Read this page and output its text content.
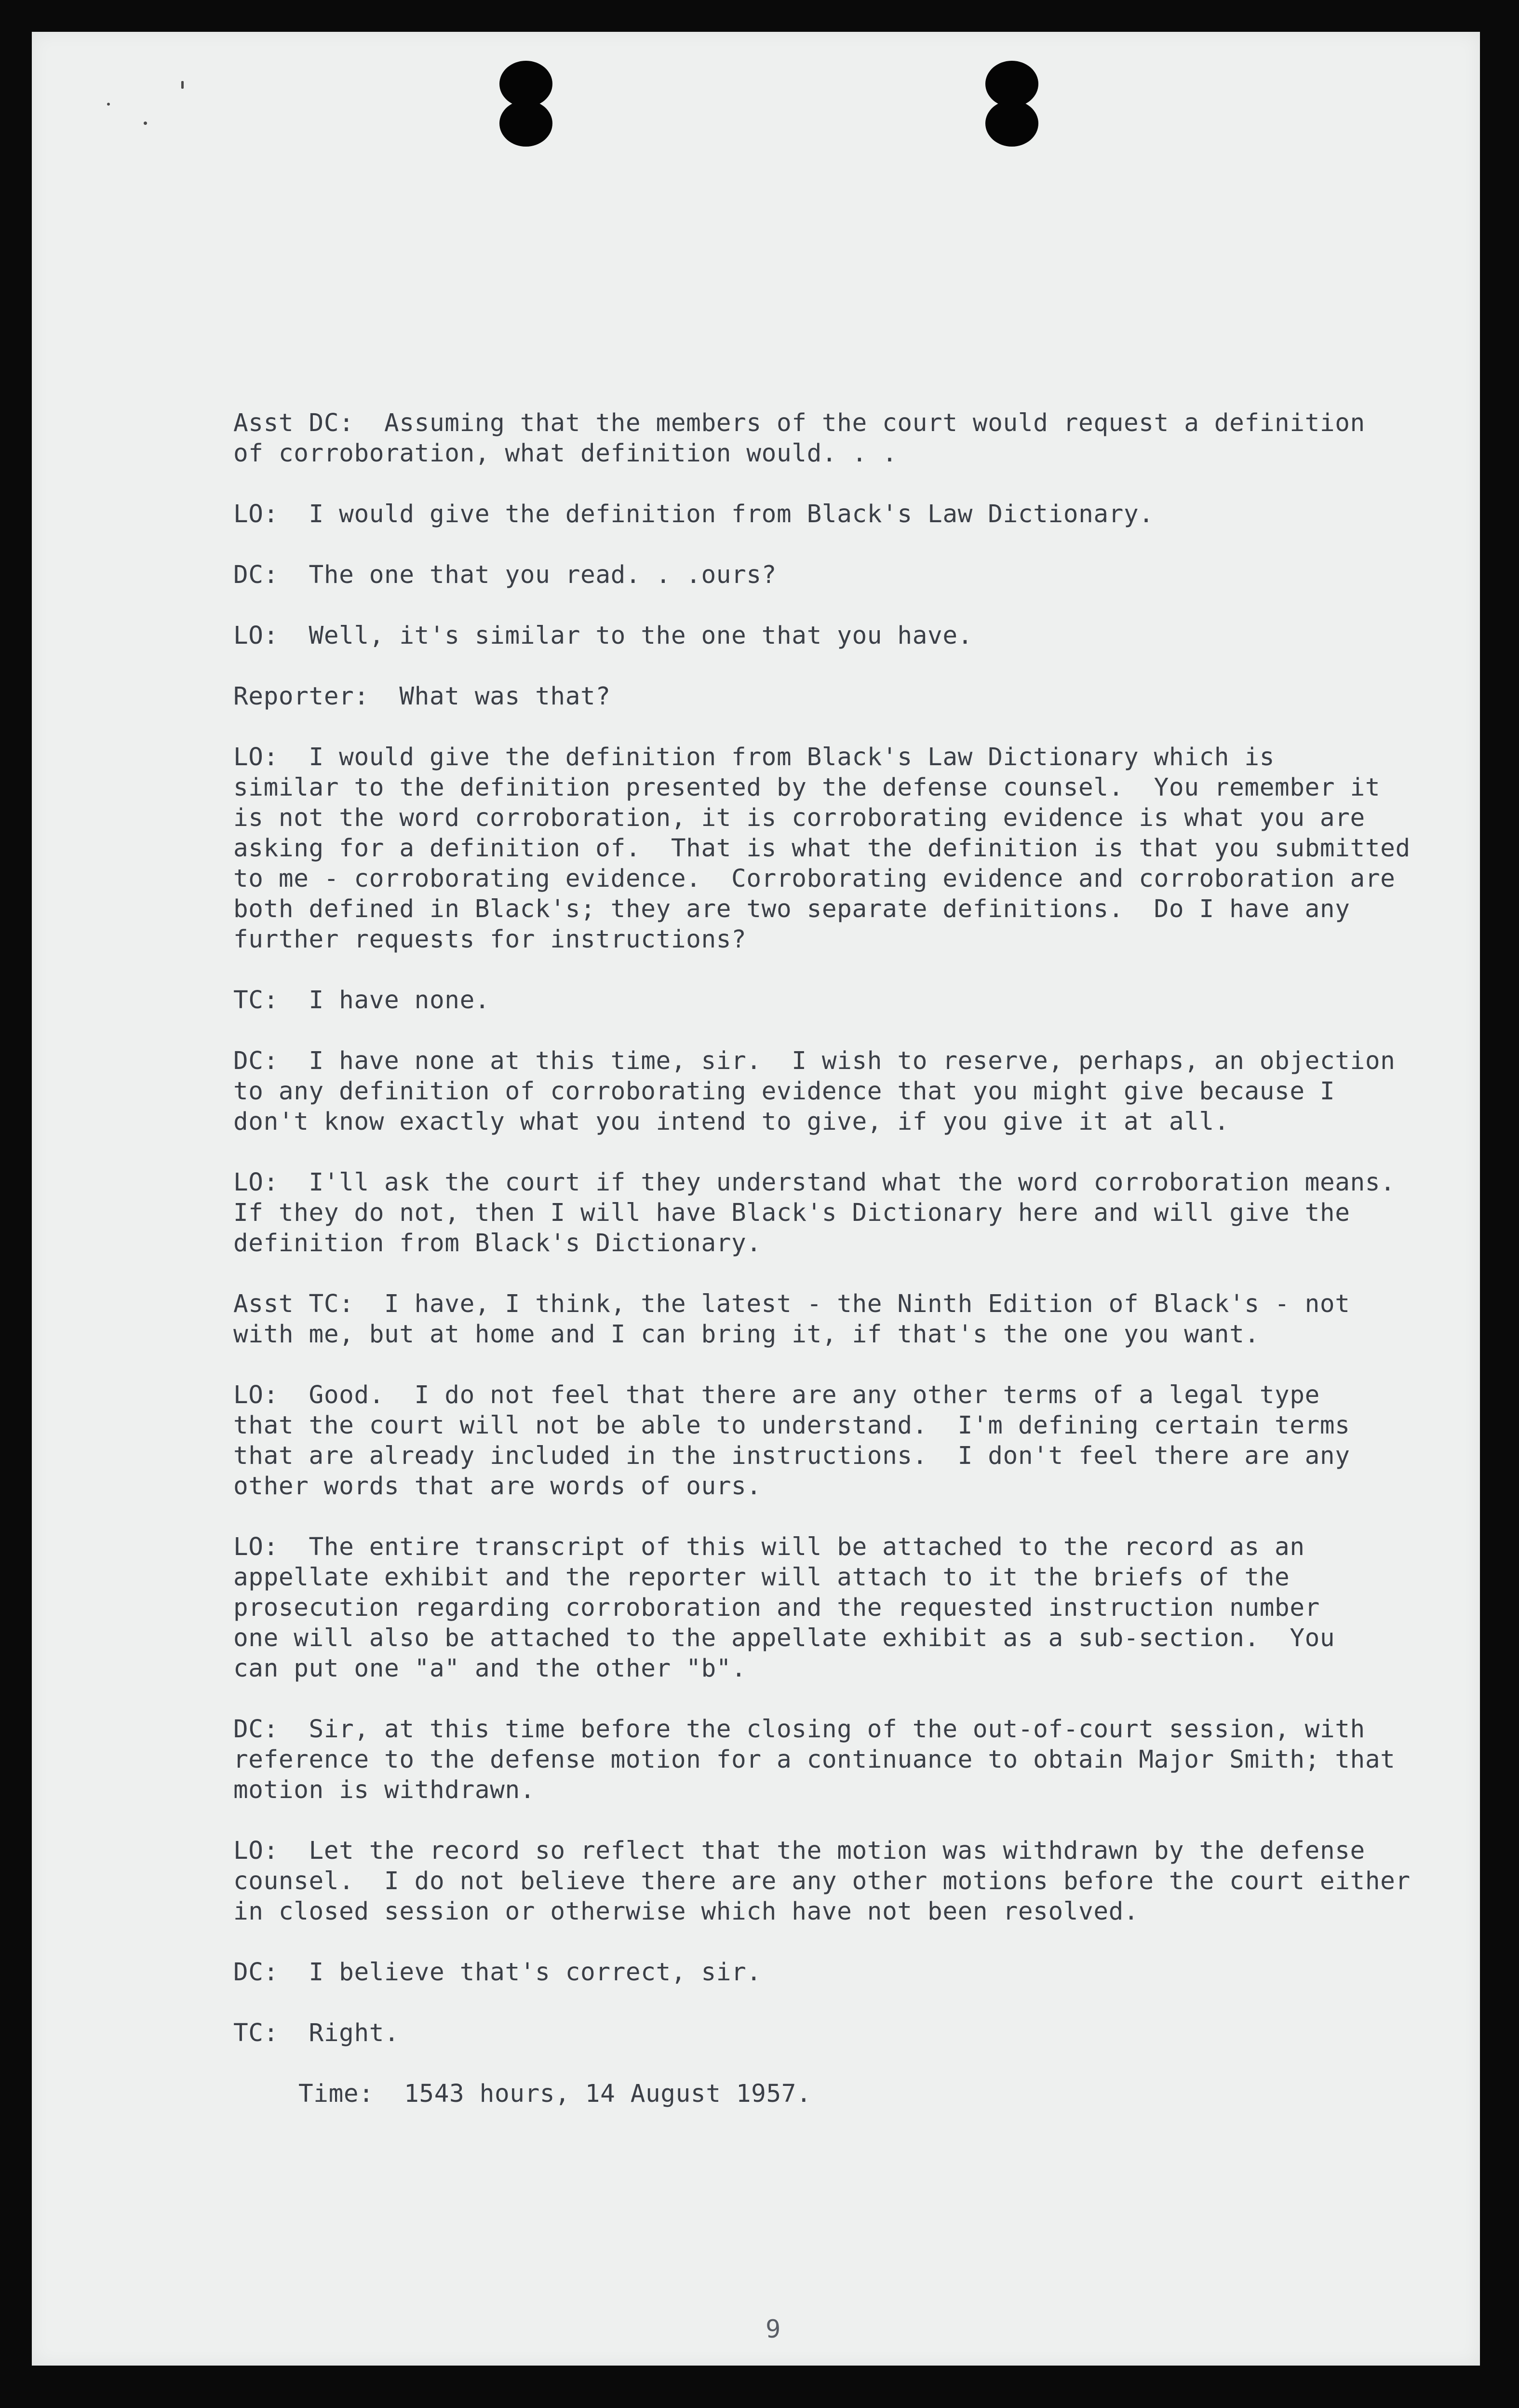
Asst DC:  Assuming that the members of the court would request a definition
of corroboration, what definition would. . .

LO:  I would give the definition from Black's Law Dictionary.

DC:  The one that you read. . .ours?

LO:  Well, it's similar to the one that you have.

Reporter:  What was that?

LO:  I would give the definition from Black's Law Dictionary which is
similar to the definition presented by the defense counsel.  You remember it
is not the word corroboration, it is corroborating evidence is what you are
asking for a definition of.  That is what the definition is that you submitted
to me - corroborating evidence.  Corroborating evidence and corroboration are
both defined in Black's; they are two separate definitions.  Do I have any
further requests for instructions?

TC:  I have none.

DC:  I have none at this time, sir.  I wish to reserve, perhaps, an objection
to any definition of corroborating evidence that you might give because I
don't know exactly what you intend to give, if you give it at all.

LO:  I'll ask the court if they understand what the word corroboration means.
If they do not, then I will have Black's Dictionary here and will give the
definition from Black's Dictionary.

Asst TC:  I have, I think, the latest - the Ninth Edition of Black's - not
with me, but at home and I can bring it, if that's the one you want.

LO:  Good.  I do not feel that there are any other terms of a legal type
that the court will not be able to understand.  I'm defining certain terms
that are already included in the instructions.  I don't feel there are any
other words that are words of ours.

LO:  The entire transcript of this will be attached to the record as an
appellate exhibit and the reporter will attach to it the briefs of the
prosecution regarding corroboration and the requested instruction number
one will also be attached to the appellate exhibit as a sub-section.  You
can put one "a" and the other "b".

DC:  Sir, at this time before the closing of the out-of-court session, with
reference to the defense motion for a continuance to obtain Major Smith; that
motion is withdrawn.

LO:  Let the record so reflect that the motion was withdrawn by the defense
counsel.  I do not believe there are any other motions before the court either
in closed session or otherwise which have not been resolved.

DC:  I believe that's correct, sir.

TC:  Right.

Time:  1543 hours, 14 August 1957.

9
